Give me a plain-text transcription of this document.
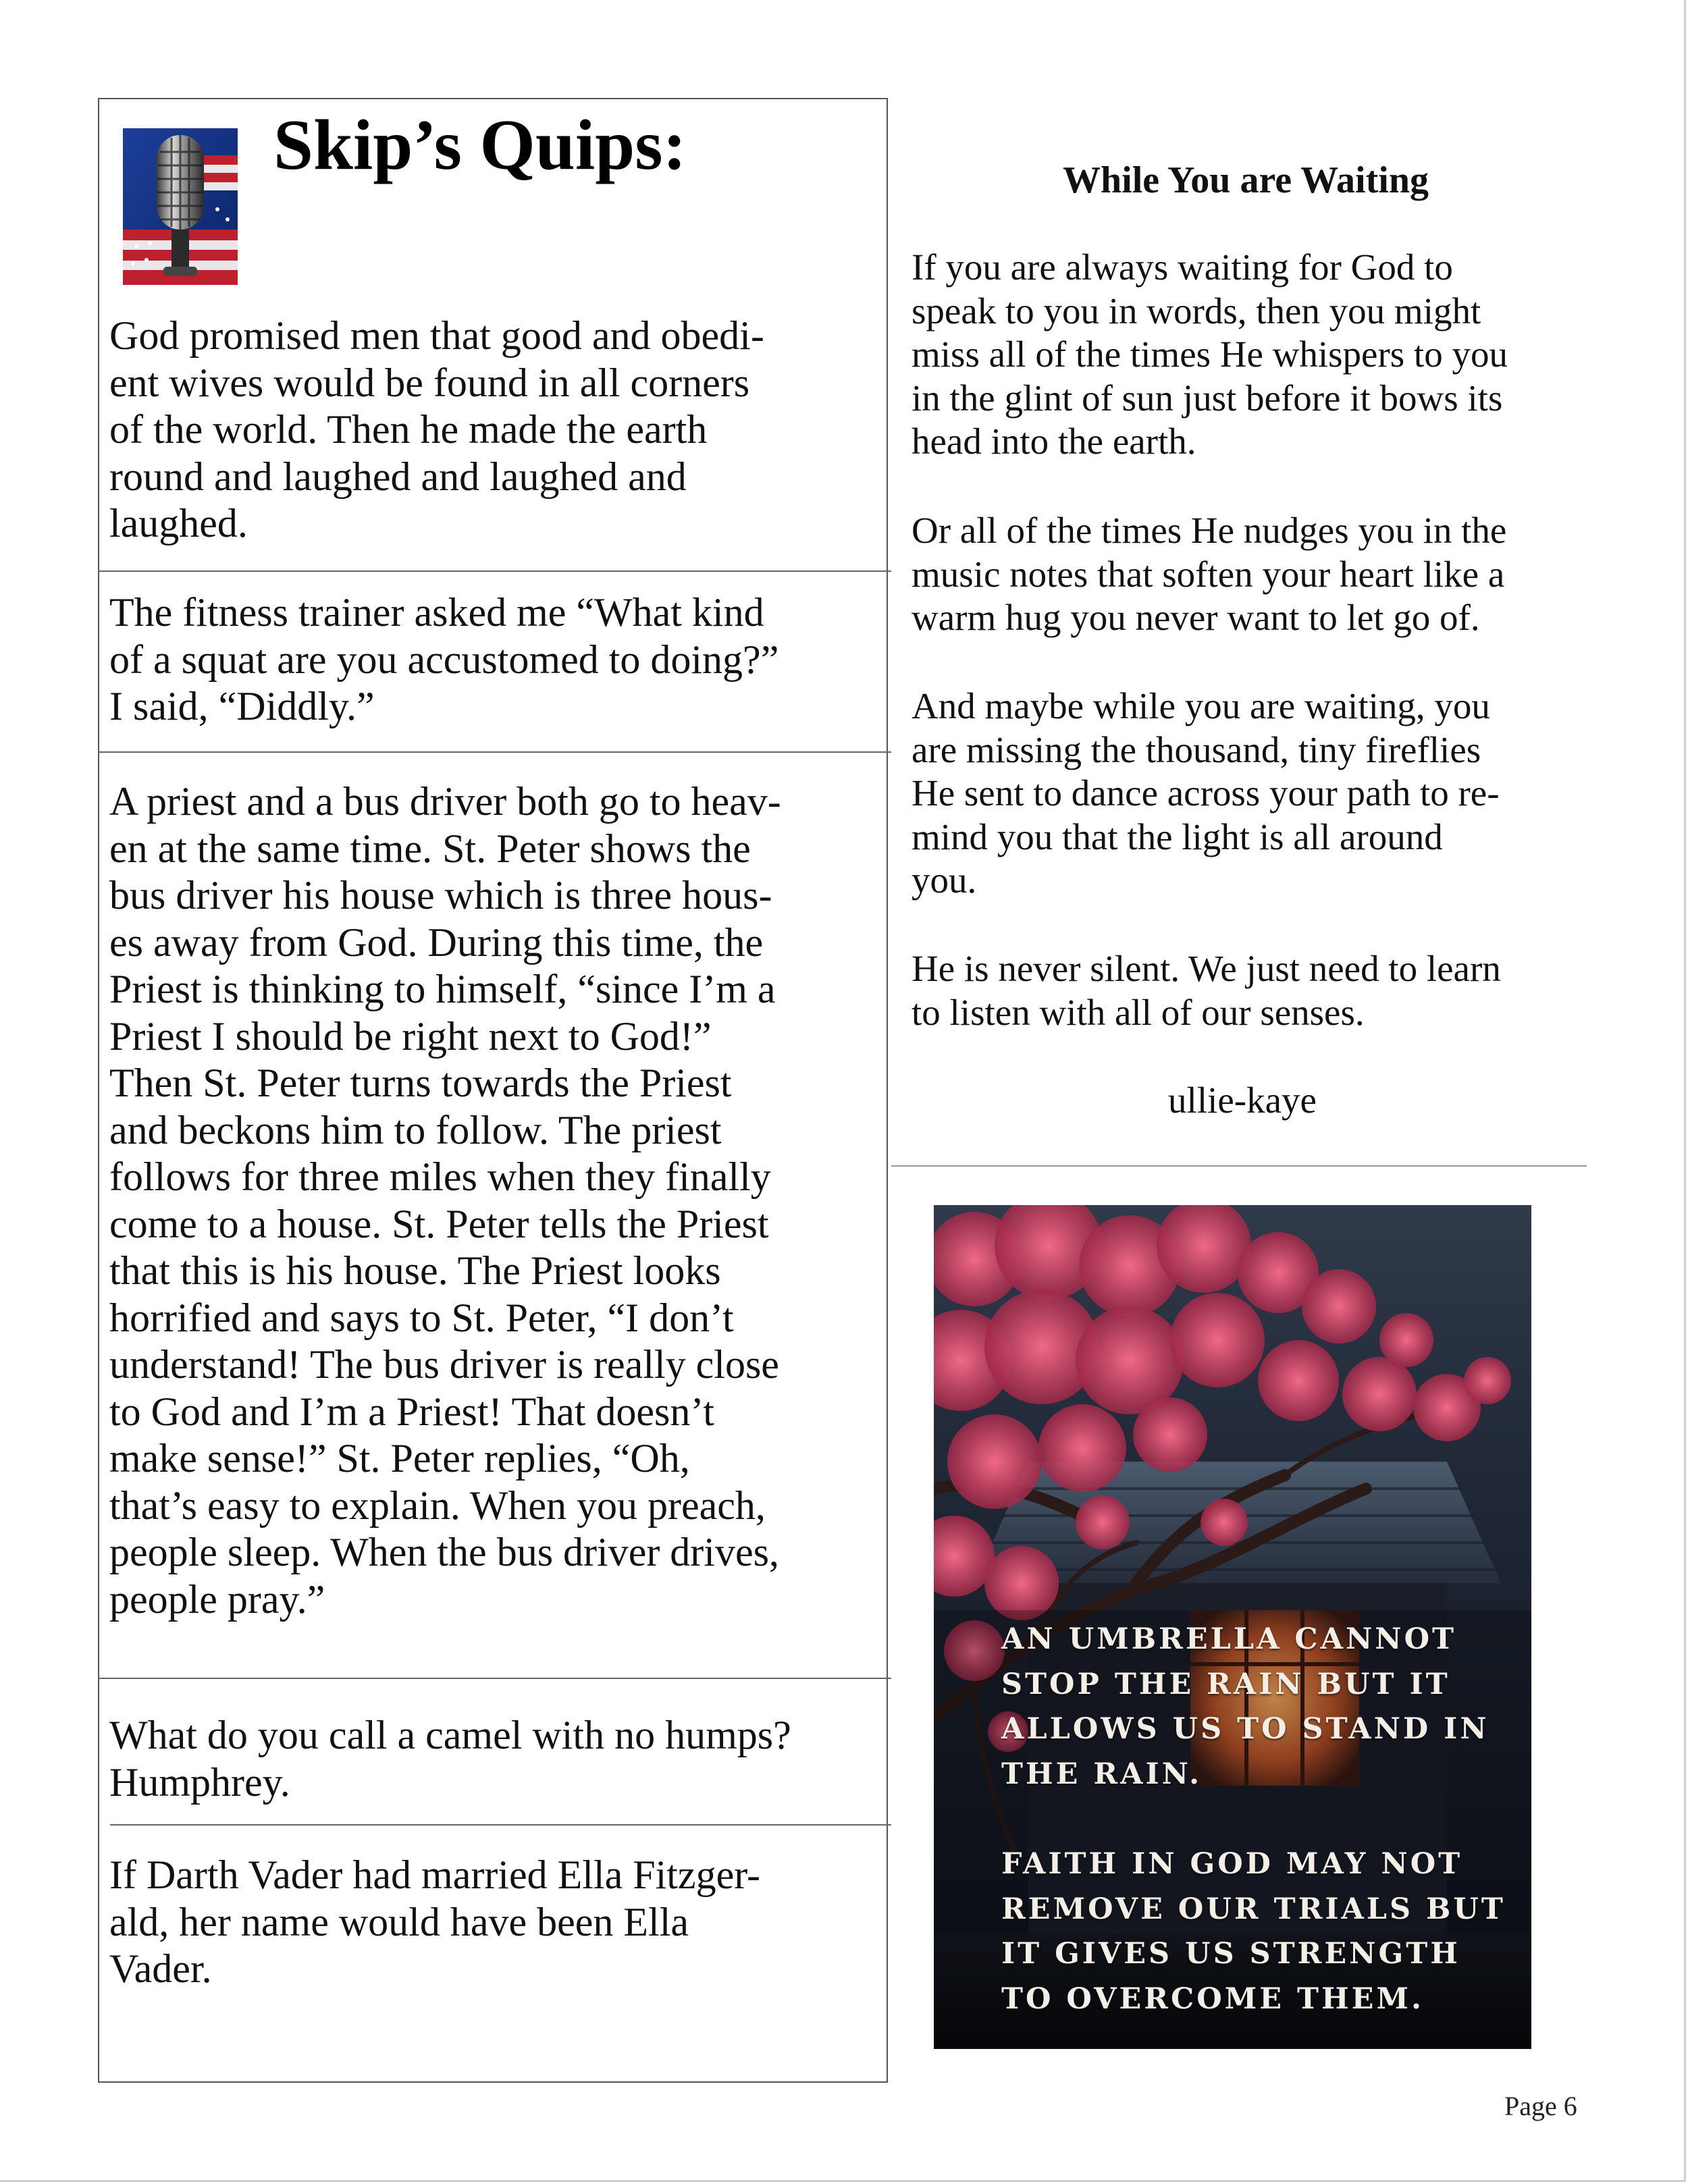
Skip’s Quips:

God promised men that good and obedi-
ent wives would be found in all corners
of the world. Then he made the earth
round and laughed and laughed and
laughed.

The fitness trainer asked me “What kind
of a squat are you accustomed to doing?”
I said, “Diddly.”

A priest and a bus driver both go to heav-
en at the same time. St. Peter shows the
bus driver his house which is three hous-
es away from God. During this time, the
Priest is thinking to himself, “since I’m a
Priest I should be right next to God!”
Then St. Peter turns towards the Priest
and beckons him to follow. The priest
follows for three miles when they finally
come to a house. St. Peter tells the Priest
that this is his house. The Priest looks
horrified and says to St. Peter, “I don’t
understand! The bus driver is really close
to God and I’m a Priest! That doesn’t
make sense!” St. Peter replies, “Oh,
that’s easy to explain. When you preach,
people sleep. When the bus driver drives,
people pray.”

What do you call a camel with no humps?
Humphrey.

If Darth Vader had married Ella Fitzger-
ald, her name would have been Ella
Vader.

While You are Waiting

If you are always waiting for God to
speak to you in words, then you might
miss all of the times He whispers to you
in the glint of sun just before it bows its
head into the earth.

Or all of the times He nudges you in the
music notes that soften your heart like a
warm hug you never want to let go of.

And maybe while you are waiting, you
are missing the thousand, tiny fireflies
He sent to dance across your path to re-
mind you that the light is all around
you.

He is never silent. We just need to learn
to listen with all of our senses.

ullie-kaye

AN UMBRELLA CANNOT
STOP THE RAIN BUT IT
ALLOWS US TO STAND IN
THE RAIN.

FAITH IN GOD MAY NOT
REMOVE OUR TRIALS BUT
IT GIVES US STRENGTH
TO OVERCOME THEM.

Page 6
